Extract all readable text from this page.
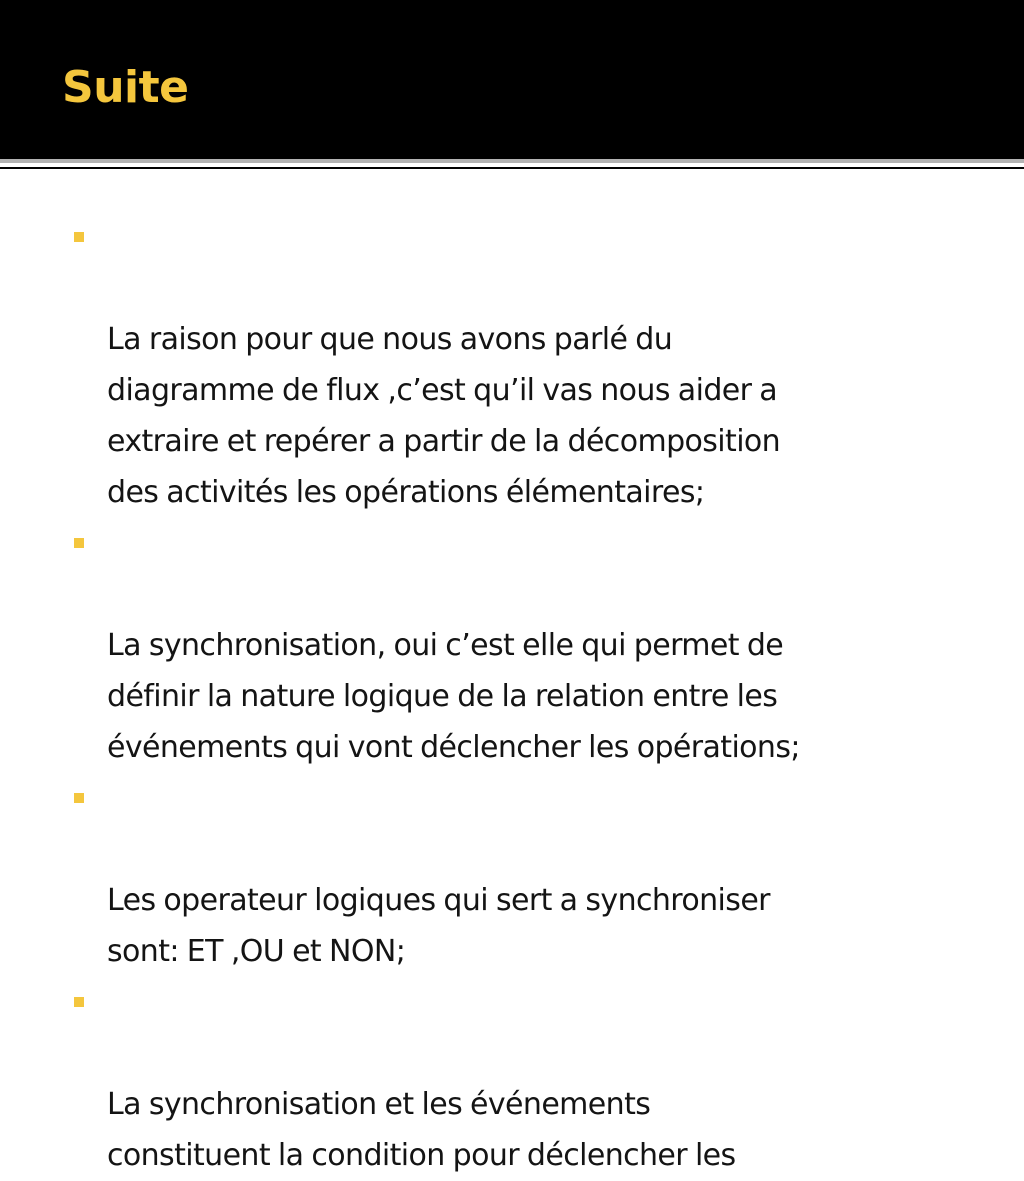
Suite

La raison pour que nous avons parlé du
diagramme de flux ,c’est qu’il vas nous aider a
extraire et repérer a partir de la décomposition
des activités les opérations élémentaires;

La synchronisation, oui c’est elle qui permet de
définir la nature logique de la relation entre les
événements qui vont déclencher les opérations;

Les operateur logiques qui sert a synchroniser
sont: ET ,OU et NON;

La synchronisation et les événements
constituent la condition pour déclencher les
